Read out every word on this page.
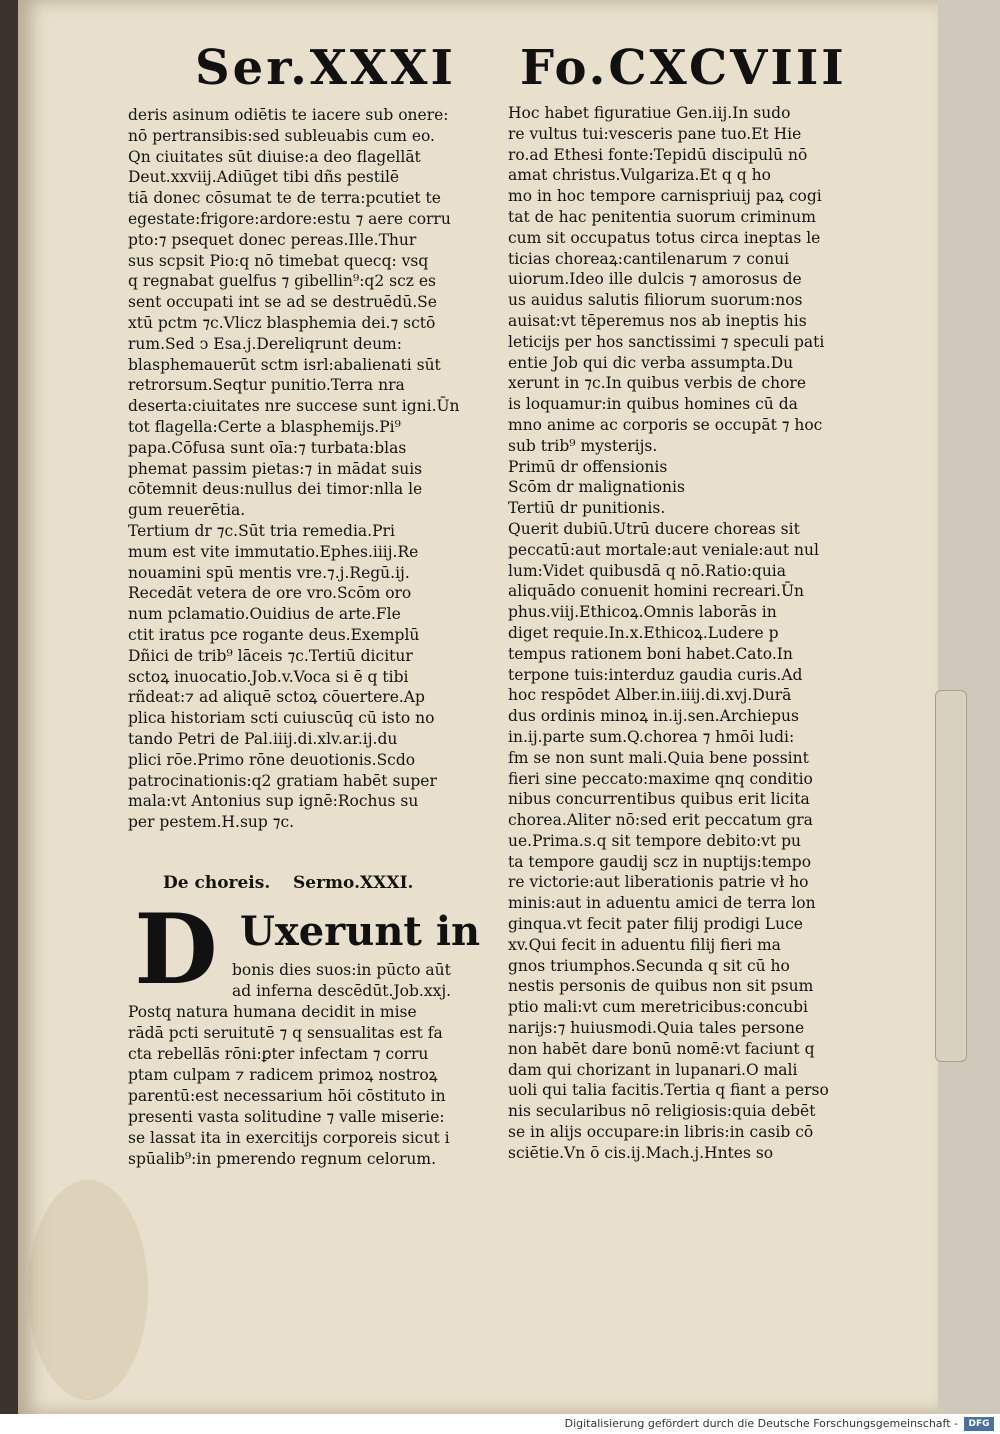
Ser.XXXI Fo.CXCVIII
deris asinum odiētis te iacere sub onere:
nō pertransibis:sed subleuabis cum eo.
Qn ciuitates sūt diuise:a deo flagellāt
Deut.xxviij.Adiūget tibi dñs pestilē
tiā donec cōsumat te de terra:pcutiet te
egestate:frigore:ardore:estu ⁊ aere corru
pto:⁊ psequet donec pereas.Ille.Thur
sus scpsit Pio:q nō timebat quecq: vsq
q regnabat guelfus ⁊ gibellin⁹:q2 scz es
sent occupati int se ad se destruēdū.Se
xtū pctm ⁊c.Vlicz blasphemia dei.⁊ sctō
rum.Sed ↄ Esa.j.Dereliqrunt deum:
blasphemauerūt sctm isrl:abalienati sūt
retrorsum.Seqtur punitio.Terra nra
deserta:ciuitates nre succese sunt igni.Ūn
tot flagella:Certe a blasphemijs.Pi⁹
papa.Cōfusa sunt oīa:⁊ turbata:blas
phemat passim pietas:⁊ in mādat suis
cōtemnit deus:nullus dei timor:nlla le
gum reuerētia.
Tertium dr ⁊c.Sūt tria remedia.Pri
mum est vite immutatio.Ephes.iiij.Re
nouamini spū mentis vre.⁊.j.Regū.ij.
Recedāt vetera de ore vro.Scōm oro
num pclamatio.Ouidius de arte.Fle
ctit iratus pce rogante deus.Exemplū
Dñici de trib⁹ lāceis ⁊c.Tertiū dicitur
sctoꝝ inuocatio.Job.v.Voca si ē q tibi
rñdeat:⁊ ad aliquē sctoꝝ cōuertere.Ap
plica historiam scti cuiuscūq cū isto no
tando Petri de Pal.iiij.di.xlv.ar.ij.du
plici rōe.Primo rōne deuotionis.Scdo
patrocinationis:q2 gratiam habēt super
mala:vt Antonius sup ignē:Rochus su
per pestem.H.sup ⁊c.
Hoc habet figuratiue Gen.iij.In sudo
re vultus tui:vesceris pane tuo.Et Hie
ro.ad Ethesi fonte:Tepidū discipulū nō
amat christus.Vulgariza.Et q q ho
mo in hoc tempore carnispriuij paꝝ cogi
tat de hac penitentia suorum criminum
cum sit occupatus totus circa ineptas le
ticias choreaꝝ:cantilenarum ⁊ conui
uiorum.Ideo ille dulcis ⁊ amorosus de
us auidus salutis filiorum suorum:nos
auisat:vt tēperemus nos ab ineptis his
leticijs per hos sanctissimi ⁊ speculi pati
entie Job qui dic verba assumpta.Du
xerunt in ⁊c.In quibus verbis de chore
is loquamur:in quibus homines cū da
mno anime ac corporis se occupāt ⁊ hoc
sub trib⁹ mysterijs.
Primū dr offensionis
Scōm dr malignationis
Tertiū dr punitionis.
Querit dubiū.Utrū ducere choreas sit
peccatū:aut mortale:aut veniale:aut nul
lum:Videt quibusdā q nō.Ratio:quia
aliquādo conuenit homini recreari.Ūn
phus.viij.Ethicoꝝ.Omnis laborās in
diget requie.In.x.Ethicoꝝ.Ludere p
tempus rationem boni habet.Cato.In
terpone tuis:interduz gaudia curis.Ad
hoc respōdet Alber.in.iiij.di.xvj.Durā
dus ordinis minoꝝ in.ij.sen.Archiepus
in.ij.parte sum.Q.chorea ⁊ hmōi ludi:
fm se non sunt mali.Quia bene possint
fieri sine peccato:maxime qnq conditio
nibus concurrentibus quibus erit licita
chorea.Aliter nō:sed erit peccatum gra
ue.Prima.s.q sit tempore debito:vt pu
ta tempore gaudij scz in nuptijs:tempo
re victorie:aut liberationis patrie vł ho
minis:aut in aduentu amici de terra lon
ginqua.vt fecit pater filij prodigi Luce
xv.Qui fecit in aduentu filij fieri ma
gnos triumphos.Secunda q sit cū ho
nestis personis de quibus non sit psum
ptio mali:vt cum meretricibus:concubi
narijs:⁊ huiusmodi.Quia tales persone
non habēt dare bonū nomē:vt faciunt q
dam qui chorizant in lupanari.O mali
uoli qui talia facitis.Tertia q fiant a perso
nis secularibus nō religiosis:quia debēt
se in alijs occupare:in libris:in casib cō
sciētie.Vn ō cis.ij.Mach.j.Hntes so
De choreis. Sermo.XXXI.
D Uxerunt in
bonis dies suos:in pūcto aūt
ad inferna descēdūt.Job.xxj.
Postq natura humana decidit in mise
rādā pcti seruitutē ⁊ q sensualitas est fa
cta rebellās rōni:ꝑter infectam ⁊ corru
ptam culpam ⁊ radicem primoꝝ nostroꝝ
parentū:est necessarium hōi cōstituto in
presenti vasta solitudine ⁊ valle miserie:
se lassat ita in exercitijs corporeis sicut i
spūalib⁹:in pmerendo regnum celorum.
Digitalisierung gefördert durch die Deutsche Forschungsgemeinschaft -	DFG
